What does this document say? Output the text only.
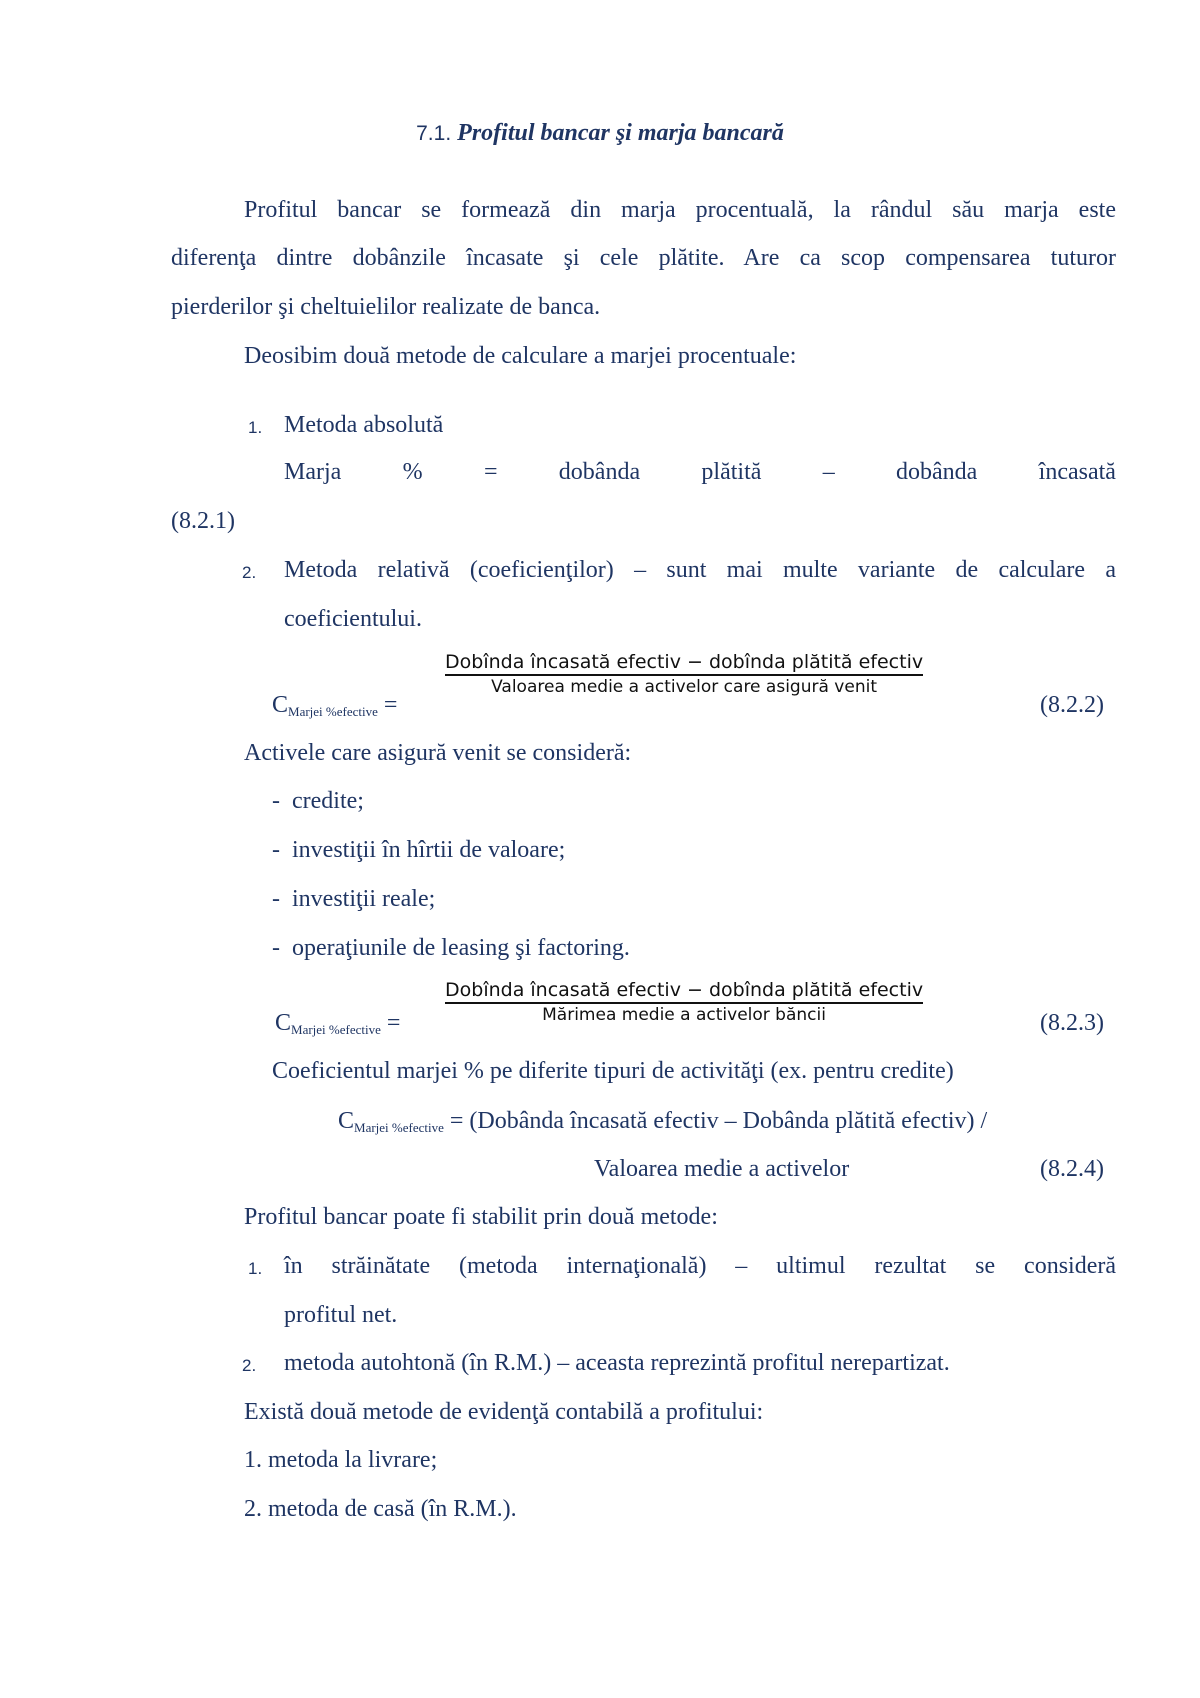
7.1. Profitul bancar şi marja bancară
Profitul bancar se formează din marja procentuală, la rândul său marja este
diferenţa dintre dobânzile încasate şi cele plătite. Are ca scop compensarea tuturor
pierderilor şi cheltuielilor realizate de banca.
Deosibim două metode de calculare a marjei procentuale:
1. Metoda absolută
Marja	%	=	dobânda	plătită	–	dobânda	încasată
(8.2.1)
2. Metoda relativă (coeficienţilor) – sunt mai multe variante de calculare a
coeficientului.
$C_{Marjei \%efective}$ =
Dobînda încasată efectiv − dobînda plătită efectiv
Valoarea medie a activelor care asigură venit
(8.2.2)
Activele care asigură venit se consideră:
- credite;
- investiţii în hîrtii de valoare;
- investiţii reale;
- operaţiunile de leasing şi factoring.
$C_{Marjei \%efective}$ =
Dobînda încasată efectiv − dobînda plătită efectiv
Mărimea medie a activelor băncii	(8.2.3)
Coeficientul marjei % pe diferite tipuri de activităţi (ex. pentru credite)
$C_{Marjei \%efective}$ = (Dobânda încasată efectiv – Dobânda plătită efectiv) /
Valoarea medie a activelor	(8.2.4)
Profitul bancar poate fi stabilit prin două metode:
1. în străinătate (metoda internaţională) – ultimul rezultat se consideră
profitul net.
2. metoda autohtonă (în R.M.) – aceasta reprezintă profitul nerepartizat.
Există două metode de evidenţă contabilă a profitului:
1. metoda la livrare;
2. metoda de casă (în R.M.).
